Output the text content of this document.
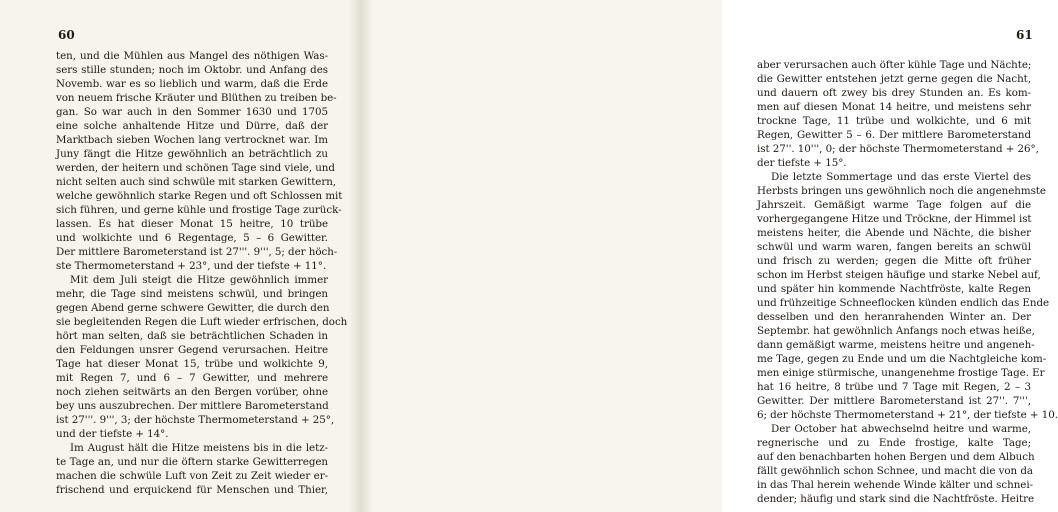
60
ten, und die Mühlen aus Mangel des nöthigen Was-
sers stille stunden; noch im Oktobr. und Anfang des
Novemb. war es so lieblich und warm, daß die Erde
von neuem frische Kräuter und Blüthen zu treiben be-
gan. So war auch in den Sommer 1630 und 1705
eine solche anhaltende Hitze und Dürre, daß der
Marktbach sieben Wochen lang vertrocknet war. Im
Juny fängt die Hitze gewöhnlich an beträchtlich zu
werden, der heitern und schönen Tage sind viele, und
nicht selten auch sind schwüle mit starken Gewittern,
welche gewöhnlich starke Regen und oft Schlossen mit
sich führen, und gerne kühle und frostige Tage zurück-
lassen. Es hat dieser Monat 15 heitre, 10 trübe
und wolkichte und 6 Regentage, 5 – 6 Gewitter.
Der mittlere Barometerstand ist 27'''. 9''', 5; der höch-
ste Thermometerstand + 23°, und der tiefste + 11°.
Mit dem Juli steigt die Hitze gewöhnlich immer
mehr, die Tage sind meistens schwül, und bringen
gegen Abend gerne schwere Gewitter, die durch den
sie begleitenden Regen die Luft wieder erfrischen, doch
hört man selten, daß sie beträchtlichen Schaden in
den Feldungen unsrer Gegend verursachen. Heitre
Tage hat dieser Monat 15, trübe und wolkichte 9,
mit Regen 7, und 6 – 7 Gewitter, und mehrere
noch ziehen seitwärts an den Bergen vorüber, ohne
bey uns auszubrechen. Der mittlere Barometerstand
ist 27'''. 9''', 3; der höchste Thermometerstand + 25°,
und der tiefste + 14°.
Im August hält die Hitze meistens bis in die letz-
te Tage an, und nur die öftern starke Gewitterregen
machen die schwüle Luft von Zeit zu Zeit wieder er-
frischend und erquickend für Menschen und Thier,
61
aber verursachen auch öfter kühle Tage und Nächte;
die Gewitter entstehen jetzt gerne gegen die Nacht,
und dauern oft zwey bis drey Stunden an. Es kom-
men auf diesen Monat 14 heitre, und meistens sehr
trockne Tage, 11 trübe und wolkichte, und 6 mit
Regen, Gewitter 5 – 6. Der mittlere Barometerstand
ist 27''. 10''', 0; der höchste Thermometerstand + 26°,
der tiefste + 15°.
Die letzte Sommertage und das erste Viertel des
Herbsts bringen uns gewöhnlich noch die angenehmste
Jahrszeit. Gemäßigt warme Tage folgen auf die
vorhergegangene Hitze und Tröckne, der Himmel ist
meistens heiter, die Abende und Nächte, die bisher
schwül und warm waren, fangen bereits an schwül
und frisch zu werden; gegen die Mitte oft früher
schon im Herbst steigen häufige und starke Nebel auf,
und später hin kommende Nachtfröste, kalte Regen
und frühzeitige Schneeflocken künden endlich das Ende
desselben und den heranrahenden Winter an. Der
Septembr. hat gewöhnlich Anfangs noch etwas heiße,
dann gemäßigt warme, meistens heitre und angeneh-
me Tage, gegen zu Ende und um die Nachtgleiche kom-
men einige stürmische, unangenehme frostige Tage. Er
hat 16 heitre, 8 trübe und 7 Tage mit Regen, 2 – 3
Gewitter. Der mittlere Barometerstand ist 27''. 7''',
6; der höchste Thermometerstand + 21°, der tiefste + 10.
Der October hat abwechselnd heitre und warme,
regnerische und zu Ende frostige, kalte Tage;
auf den benachbarten hohen Bergen und dem Albuch
fällt gewöhnlich schon Schnee, und macht die von da
in das Thal herein wehende Winde kälter und schnei-
dender; häufig und stark sind die Nachtfröste. Heitre
